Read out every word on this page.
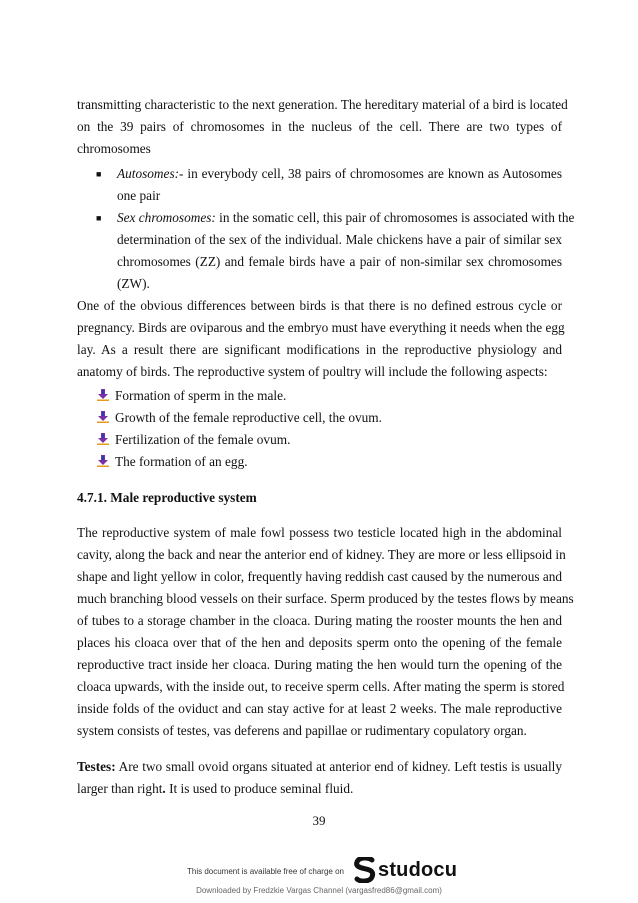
transmitting characteristic to the next generation. The hereditary material of a bird is located
on the 39 pairs of chromosomes in the nucleus of the cell. There are two types of
chromosomes
■ Autosomes:- in everybody cell, 38 pairs of chromosomes are known as Autosomes
one pair
■ Sex chromosomes: in the somatic cell, this pair of chromosomes is associated with the
determination of the sex of the individual. Male chickens have a pair of similar sex
chromosomes (ZZ) and female birds have a pair of non-similar sex chromosomes
(ZW).
One of the obvious differences between birds is that there is no defined estrous cycle or
pregnancy. Birds are oviparous and the embryo must have everything it needs when the egg
lay. As a result there are significant modifications in the reproductive physiology and
anatomy of birds. The reproductive system of poultry will include the following aspects:
Formation of sperm in the male.
Growth of the female reproductive cell, the ovum.
Fertilization of the female ovum.
The formation of an egg.
4.7.1. Male reproductive system
The reproductive system of male fowl possess two testicle located high in the abdominal
cavity, along the back and near the anterior end of kidney. They are more or less ellipsoid in
shape and light yellow in color, frequently having reddish cast caused by the numerous and
much branching blood vessels on their surface. Sperm produced by the testes flows by means
of tubes to a storage chamber in the cloaca. During mating the rooster mounts the hen and
places his cloaca over that of the hen and deposits sperm onto the opening of the female
reproductive tract inside her cloaca. During mating the hen would turn the opening of the
cloaca upwards, with the inside out, to receive sperm cells. After mating the sperm is stored
inside folds of the oviduct and can stay active for at least 2 weeks. The male reproductive
system consists of testes, vas deferens and papillae or rudimentary copulatory organ.
Testes: Are two small ovoid organs situated at anterior end of kidney. Left testis is usually
larger than right. It is used to produce seminal fluid.
39
This document is available free of charge on studocu
Downloaded by Fredzkie Vargas Channel (vargasfred86@gmail.com)
